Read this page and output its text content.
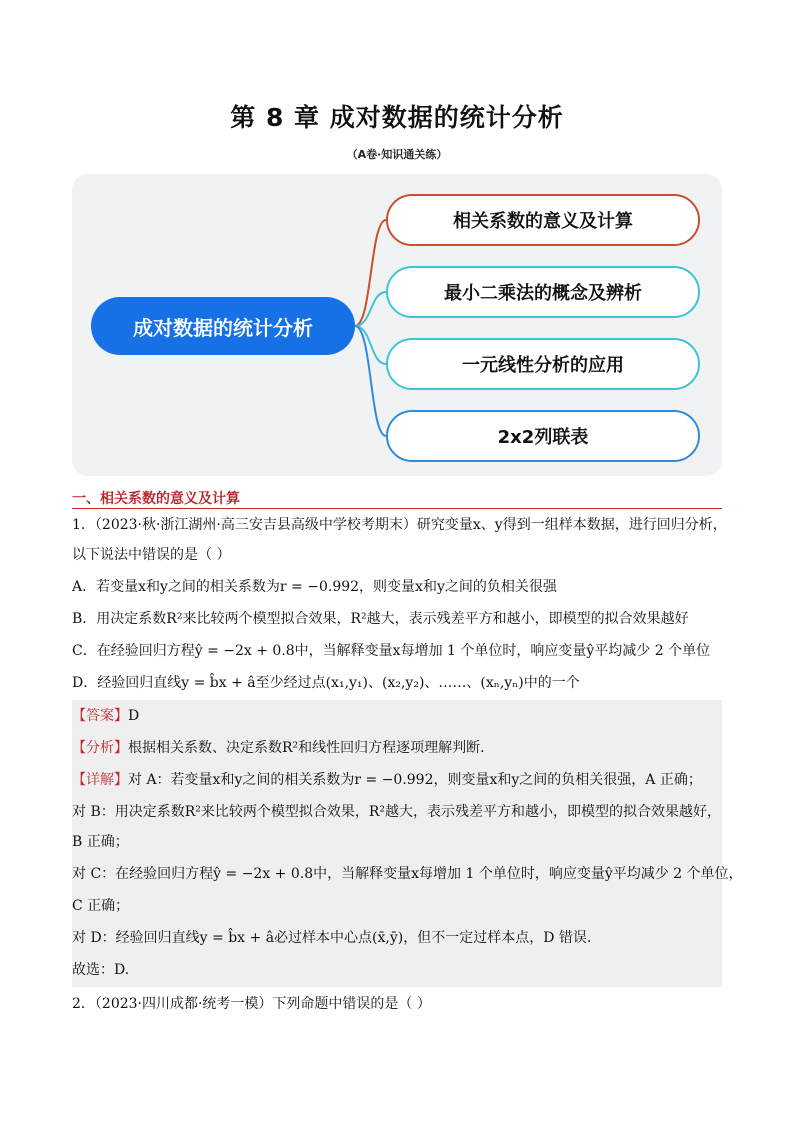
第 8 章 成对数据的统计分析
（A卷·知识通关练）
成对数据的统计分析
相关系数的意义及计算
最小二乘法的概念及辨析
一元线性分析的应用
2x2列联表
一、相关系数的意义及计算
1．（2023·秋·浙江湖州·高三安吉县高级中学校考期末）研究变量x、y得到一组样本数据，进行回归分析，
以下说法中错误的是（ ）
A．若变量x和y之间的相关系数为r = −0.992，则变量x和y之间的负相关很强
B．用决定系数R²来比较两个模型拟合效果，R²越大，表示残差平方和越小，即模型的拟合效果越好
C．在经验回归方程ŷ = −2x + 0.8中，当解释变量x每增加 1 个单位时，响应变量ŷ平均减少 2 个单位
D．经验回归直线y = b̂x + â至少经过点(x₁,y₁)、(x₂,y₂)、……、(xₙ,yₙ)中的一个
【答案】D
【分析】根据相关系数、决定系数R²和线性回归方程逐项理解判断.
【详解】对 A：若变量x和y之间的相关系数为r = −0.992，则变量x和y之间的负相关很强，A 正确；
对 B：用决定系数R²来比较两个模型拟合效果，R²越大，表示残差平方和越小，即模型的拟合效果越好，
B 正确；
对 C：在经验回归方程ŷ = −2x + 0.8中，当解释变量x每增加 1 个单位时，响应变量ŷ平均减少 2 个单位，
C 正确；
对 D：经验回归直线y = b̂x + â必过样本中心点(x̄,ȳ)，但不一定过样本点，D 错误.
故选：D.
2．（2023·四川成都·统考一模）下列命题中错误的是（ ）
